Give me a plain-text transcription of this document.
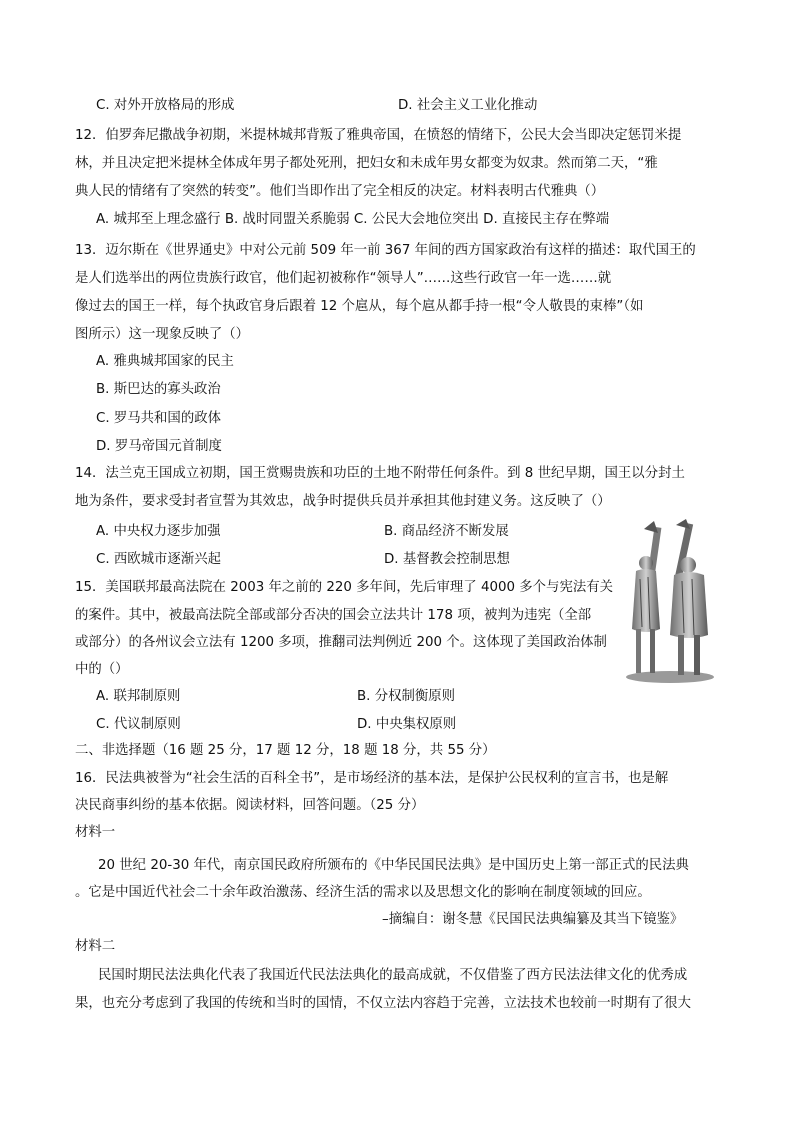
C. 对外开放格局的形成	D. 社会主义工业化推动
12．伯罗奔尼撒战争初期，米提林城邦背叛了雅典帝国，在愤怒的情绪下，公民大会当即决定惩罚米提
林，并且决定把米提林全体成年男子都处死刑，把妇女和未成年男女都变为奴隶。然而第二天，“雅
典人民的情绪有了突然的转变”。他们当即作出了完全相反的决定。材料表明古代雅典（）
A. 城邦至上理念盛行 B. 战时同盟关系脆弱 C. 公民大会地位突出 D. 直接民主存在弊端
13．迈尔斯在《世界通史》中对公元前 509 年一前 367 年间的西方国家政治有这样的描述：取代国王的
是人们选举出的两位贵族行政官，他们起初被称作“领导人”……这些行政官一年一选……就
像过去的国王一样，每个执政官身后跟着 12 个扈从，每个扈从都手持一根“令人敬畏的束棒”（如
图所示）这一现象反映了（）
A. 雅典城邦国家的民主
B. 斯巴达的寡头政治
C. 罗马共和国的政体
D. 罗马帝国元首制度
14．法兰克王国成立初期，国王赏赐贵族和功臣的土地不附带任何条件。到 8 世纪早期，国王以分封土
地为条件，要求受封者宣誓为其效忠，战争时提供兵员并承担其他封建义务。这反映了（）
A. 中央权力逐步加强	B. 商品经济不断发展
C. 西欧城市逐渐兴起	D. 基督教会控制思想
15．美国联邦最高法院在 2003 年之前的 220 多年间，先后审理了 4000 多个与宪法有关
的案件。其中，被最高法院全部或部分否决的国会立法共计 178 项，被判为违宪（全部
或部分）的各州议会立法有 1200 多项，推翻司法判例近 200 个。这体现了美国政治体制
中的（）
A. 联邦制原则	B. 分权制衡原则
C. 代议制原则	D. 中央集权原则
二、非选择题（16 题 25 分，17 题 12 分，18 题 18 分，共 55 分）
16．民法典被誉为“社会生活的百科全书”，是市场经济的基本法，是保护公民权利的宣言书，也是解
决民商事纠纷的基本依据。阅读材料，回答问题。（25 分）
材料一
20 世纪 20-30 年代，南京国民政府所颁布的《中华民国民法典》是中国历史上第一部正式的民法典
。它是中国近代社会二十余年政治激荡、经济生活的需求以及思想文化的影响在制度领域的回应。
–摘编自：谢冬慧《民国民法典编纂及其当下镜鉴》
材料二
民国时期民法法典化代表了我国近代民法法典化的最高成就，不仅借鉴了西方民法法律文化的优秀成
果，也充分考虑到了我国的传统和当时的国情，不仅立法内容趋于完善，立法技术也较前一时期有了很大
